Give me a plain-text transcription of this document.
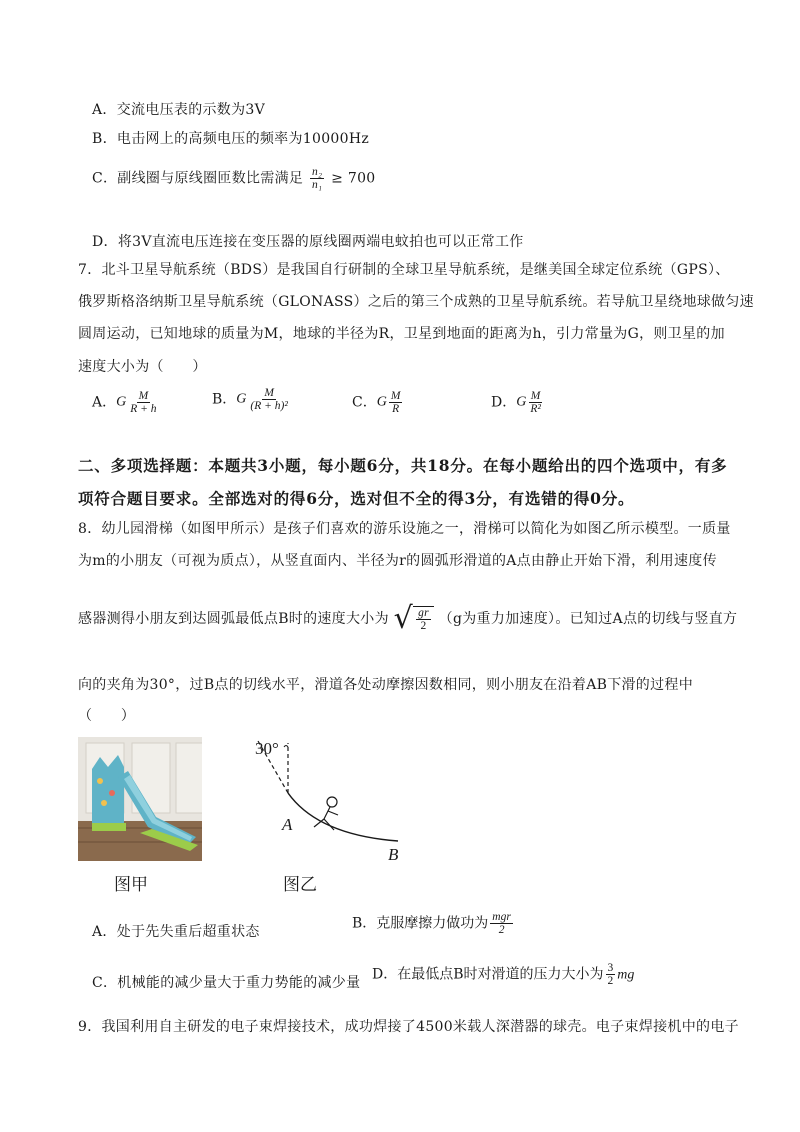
A．交流电压表的示数为3V
B．电击网上的高频电压的频率为10000Hz
C．副线圈与原线圈匝数比需满足 $\frac{\text{n₂}}{\text{n₁}} \ge 700$
D．将3V直流电压连接在变压器的原线圈两端电蚊拍也可以正常工作
7．北斗卫星导航系统（BDS）是我国自行研制的全球卫星导航系统，是继美国全球定位系统（GPS）、
俄罗斯格洛纳斯卫星导航系统（GLONASS）之后的第三个成熟的卫星导航系统。若导航卫星绕地球做匀速
圆周运动，已知地球的质量为M，地球的半径为R，卫星到地面的距离为h，引力常量为G，则卫星的加
速度大小为（　　）
A．G $\frac{M}{R + h}$	B．G $\frac{M}{\text{(R + h)²}}$	C．G $\frac{M}{R}$	D．G $\frac{M}{\text{R²}}$
二、多项选择题：本题共3小题，每小题6分，共18分。在每小题给出的四个选项中，有多
项符合题目要求。全部选对的得6分，选对但不全的得3分，有选错的得0分。
8．幼儿园滑梯（如图甲所示）是孩子们喜欢的游乐设施之一，滑梯可以简化为如图乙所示模型。一质量
为m的小朋友（可视为质点），从竖直面内、半径为r的圆弧形滑道的A点由静止开始下滑，利用速度传
感器测得小朋友到达圆弧最低点B时的速度大小为 √ $\frac{gr}{2} (g$为重力加速度）。已知过A点的切线与竖直方
向的夹角为30°，过B点的切线水平，滑道各处动摩擦因数相同，则小朋友在沿着AB下滑的过程中
（　　）
30°
A
B
图甲	图乙
A．处于先失重后超重状态
B．克服摩擦力做功为 $\frac{\text{mgr}}{2}$
C．机械能的减少量大于重力势能的减少量
D．在最低点B时对滑道的压力大小为 $\frac{3}{2}$ mg
9．我国利用自主研发的电子束焊接技术，成功焊接了4500米载人深潜器的球壳。电子束焊接机中的电子
